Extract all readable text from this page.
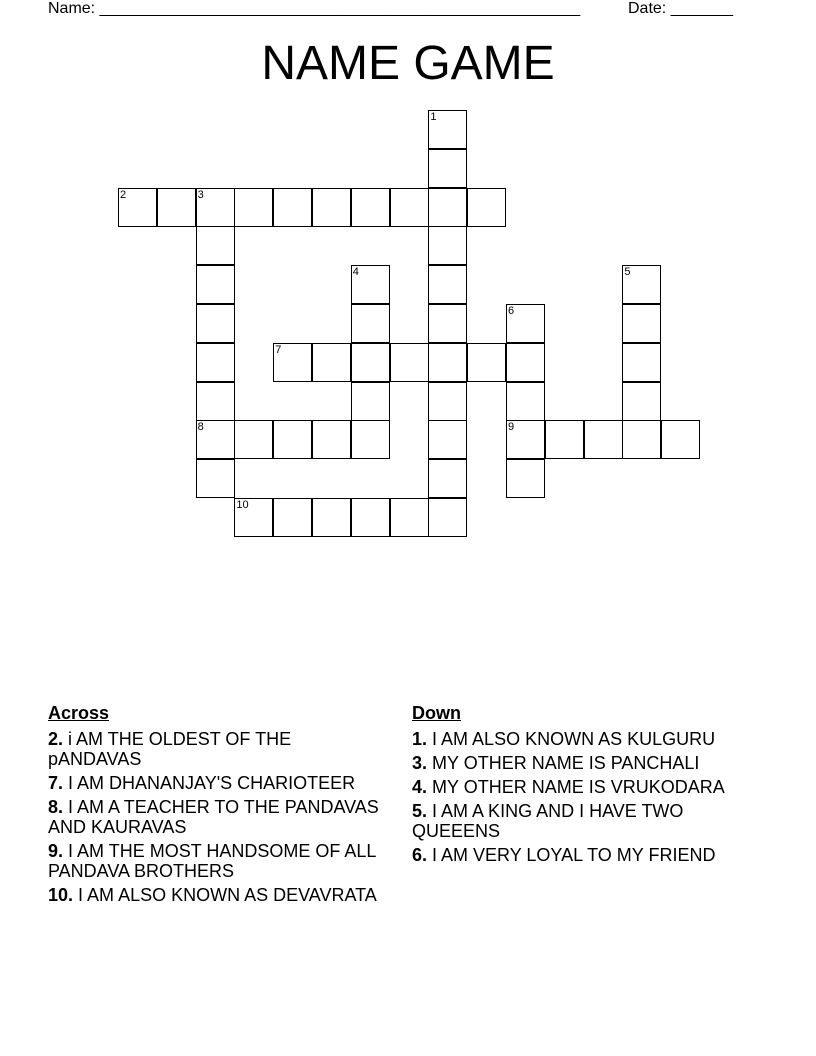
Name: ______________________________________________________	Date: _______
NAME GAME
2	3
7
8	9
10
1
4	5
6
Across
2. i AM THE OLDEST OF THE pANDAVAS
7. I AM DHANANJAY'S CHARIOTEER
8. I AM A TEACHER TO THE PANDAVAS AND KAURAVAS
9. I AM THE MOST HANDSOME OF ALL PANDAVA BROTHERS
10. I AM ALSO KNOWN AS DEVAVRATA
Down
1. I AM ALSO KNOWN AS KULGURU
3. MY OTHER NAME IS PANCHALI
4. MY OTHER NAME IS VRUKODARA
5. I AM A KING AND I HAVE TWO QUEEENS
6. I AM VERY LOYAL TO MY FRIEND
